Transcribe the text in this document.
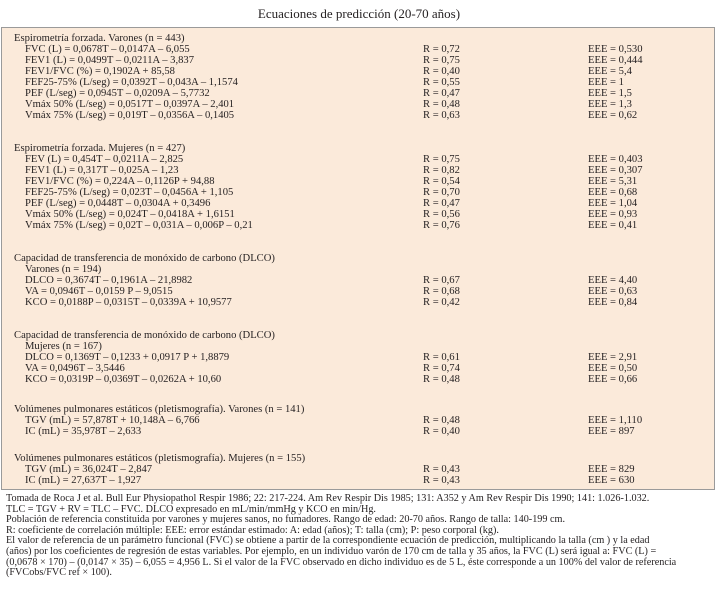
Ecuaciones de predicción (20-70 años)
Espirometría forzada. Varones (n = 443)
FVC (L) = 0,0678T – 0,0147A – 6,055	R = 0,72	EEE = 0,530
FEV1 (L) = 0,0499T – 0,0211A – 3,837	R = 0,75	EEE = 0,444
FEV1/FVC (%) = 0,1902A + 85,58	R = 0,40	EEE = 5,4
FEF25-75% (L/seg) = 0,0392T – 0,043A – 1,1574	R = 0,55	EEE = 1
PEF (L/seg) = 0,0945T – 0,0209A – 5,7732	R = 0,47	EEE = 1,5
Vmáx 50% (L/seg) = 0,0517T – 0,0397A – 2,401	R = 0,48	EEE = 1,3
Vmáx 75% (L/seg) = 0,019T – 0,0356A – 0,1405	R = 0,63	EEE = 0,62
Espirometría forzada. Mujeres (n = 427)
FEV (L) = 0,454T – 0,0211A – 2,825	R = 0,75	EEE = 0,403
FEV1 (L) = 0,317T – 0,025A – 1,23	R = 0,82	EEE = 0,307
FEV1/FVC (%) = 0,224A – 0,1126P + 94,88	R = 0,54	EEE = 5,31
FEF25-75% (L/seg) = 0,023T – 0,0456A + 1,105	R = 0,70	EEE = 0,68
PEF (L/seg) = 0,0448T – 0,0304A + 0,3496	R = 0,47	EEE = 1,04
Vmáx 50% (L/seg) = 0,024T – 0,0418A + 1,6151	R = 0,56	EEE = 0,93
Vmáx 75% (L/seg) = 0,02T – 0,031A – 0,006P – 0,21	R = 0,76	EEE = 0,41
Capacidad de transferencia de monóxido de carbono (DLCO)
Varones (n = 194)
DLCO = 0,3674T – 0,1961A – 21,8982	R = 0,67	EEE = 4,40
VA = 0,0946T – 0,0159 P – 9,0515	R = 0,68	EEE = 0,63
KCO = 0,0188P – 0,0315T – 0,0339A + 10,9577	R = 0,42	EEE = 0,84
Capacidad de transferencia de monóxido de carbono (DLCO)
Mujeres (n = 167)
DLCO = 0,1369T – 0,1233 + 0,0917 P + 1,8879	R = 0,61	EEE = 2,91
VA = 0,0496T – 3,5446	R = 0,74	EEE = 0,50
KCO = 0,0319P – 0,0369T – 0,0262A + 10,60	R = 0,48	EEE = 0,66
Volúmenes pulmonares estáticos (pletismografía). Varones (n = 141)
TGV (mL) = 57,878T + 10,148A – 6,766	R = 0,48	EEE = 1,110
IC (mL) = 35,978T – 2,633	R = 0,40	EEE = 897
Volúmenes pulmonares estáticos (pletismografía). Mujeres (n = 155)
TGV (mL) = 36,024T – 2,847	R = 0,43	EEE = 829
IC (mL) = 27,637T – 1,927	R = 0,43	EEE = 630

Tomada de Roca J et al. Bull Eur Physiopathol Respir 1986; 22: 217-224. Am Rev Respir Dis 1985; 131: A352 y Am Rev Respir Dis 1990; 141: 1.026-1.032.

TLC = TGV + RV = TLC – FVC. DLCO expresado en mL/min/mmHg y KCO en min/Hg.

Población de referencia constituida por varones y mujeres sanos, no fumadores. Rango de edad: 20-70 años. Rango de talla: 140-199 cm.

R: coeficiente de correlación múltiple: EEE: error estándar estimado: A: edad (años); T: talla (cm); P: peso corporal (kg).

El valor de referencia de un parámetro funcional (FVC) se obtiene a partir de la correspondiente ecuación de predicción, multiplicando la talla (cm ) y la edad
(años) por los coeficientes de regresión de estas variables. Por ejemplo, en un individuo varón de 170 cm de talla y 35 años, la FVC (L) será igual a: FVC (L) =
(0,0678 × 170) – (0,0147 × 35) – 6,055 = 4,956 L. Si el valor de la FVC observado en dicho individuo es de 5 L, éste corresponde a un 100% del valor de referencia
(FVCobs/FVC ref × 100).
